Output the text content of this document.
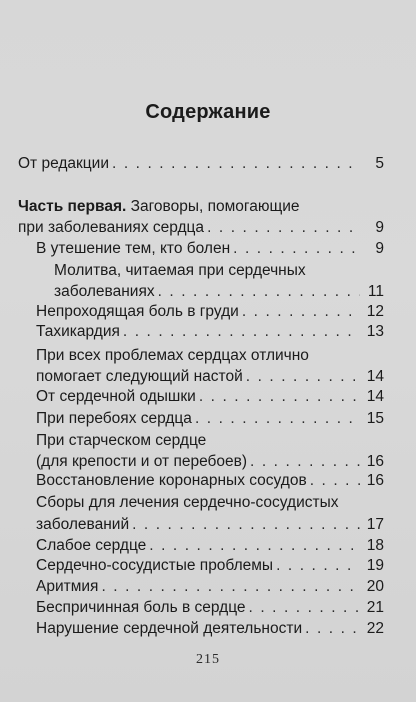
Содержание
От редакции . . .	5
Часть первая.
Заговоры, помогающие
при заболеваниях сердца . . .	9
В утешение тем, кто болен . . .	9
Молитва, читаемая при сердечных
заболеваниях . . .	11
Непроходящая боль в груди . . .	12
Тахикардия . . .	13
При всех проблемах сердцах отлично
помогает следующий настой . . .	14
От сердечной одышки . . .	14
При перебоях сердца . . .	15
При старческом сердце
(для крепости и от перебоев) . . .	16
Восстановление коронарных сосудов . . .	16
Сборы для лечения сердечно-сосудистых
заболеваний . . .	17
Слабое сердце . . .	18
Сердечно-сосудистые проблемы . . .	19
Аритмия . . .	20
Беспричинная боль в сердце . . .	21
Нарушение сердечной деятельности . . .	22
215
